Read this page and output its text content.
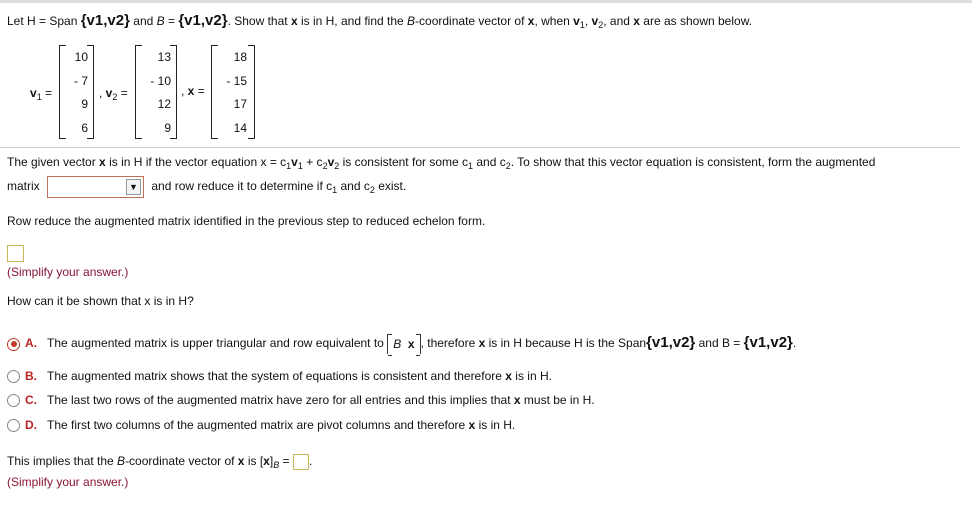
Let H = Span {v1,v2} and B = {v1,v2}. Show that x is in H, and find the B-coordinate vector of x, when $v_1$, $v_2$, and x are as shown below.
$v_1$ =
10
- 7
9
6
, $v_2$ =
13
- 10
12
9
, x =
18
- 15
17
14
The given vector x is in H if the vector equation $x = c_1v_1 + c_2v_2$ is consistent for some $c_1$ and $c_2$. To show that this vector equation is consistent, form the augmented
matrix	▼ and row reduce it to determine if $c_1$ and $c_2$ exist.
Row reduce the augmented matrix identified in the previous step to reduced echelon form.
(Simplify your answer.)
How can it be shown that x is in H?
A. The augmented matrix is upper triangular and row equivalent to B x , therefore x is in H because H is the Span{v1,v2} and B = {v1,v2}.
B. The augmented matrix shows that the system of equations is consistent and therefore x is in H.
C. The last two rows of the augmented matrix have zero for all entries and this implies that x must be in H.
D. The first two columns of the augmented matrix are pivot columns and therefore x is in H.
This implies that the B-coordinate vector of x is $[x]_B$ = .
(Simplify your answer.)
